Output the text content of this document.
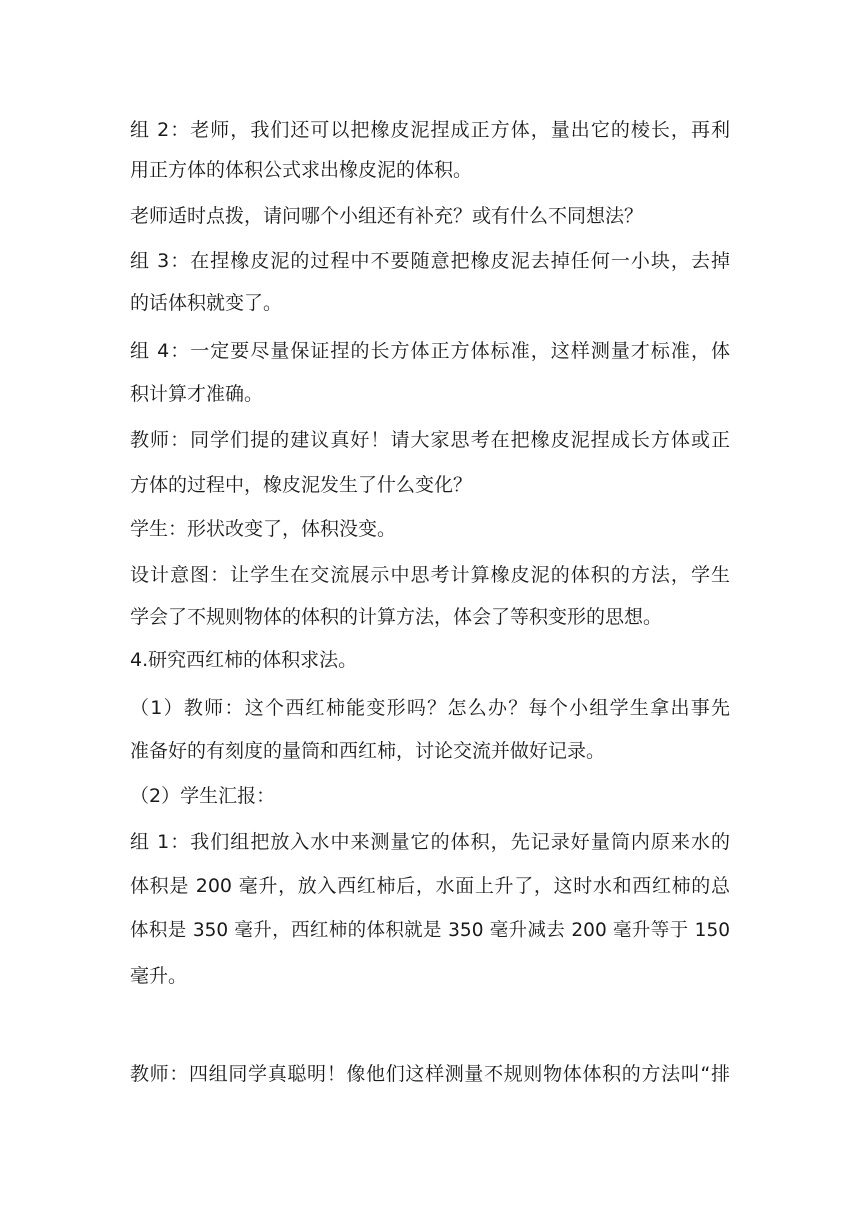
组 2：老师，我们还可以把橡皮泥捏成正方体，量出它的棱长，再利
用正方体的体积公式求出橡皮泥的体积。
老师适时点拨，请问哪个小组还有补充？或有什么不同想法？
组 3：在捏橡皮泥的过程中不要随意把橡皮泥去掉任何一小块，去掉
的话体积就变了。
组 4：一定要尽量保证捏的长方体正方体标准，这样测量才标准，体
积计算才准确。
教师：同学们提的建议真好！请大家思考在把橡皮泥捏成长方体或正
方体的过程中，橡皮泥发生了什么变化？
学生：形状改变了，体积没变。
设计意图：让学生在交流展示中思考计算橡皮泥的体积的方法，学生
学会了不规则物体的体积的计算方法，体会了等积变形的思想。
4.研究西红柿的体积求法。
（1）教师：这个西红柿能变形吗？怎么办？每个小组学生拿出事先
准备好的有刻度的量筒和西红柿，讨论交流并做好记录。
（2）学生汇报：
组 1：我们组把放入水中来测量它的体积，先记录好量筒内原来水的
体积是 200 毫升，放入西红柿后，水面上升了，这时水和西红柿的总
体积是 350 毫升，西红柿的体积就是 350 毫升减去 200 毫升等于 150
毫升。
教师：四组同学真聪明！像他们这样测量不规则物体体积的方法叫“排
